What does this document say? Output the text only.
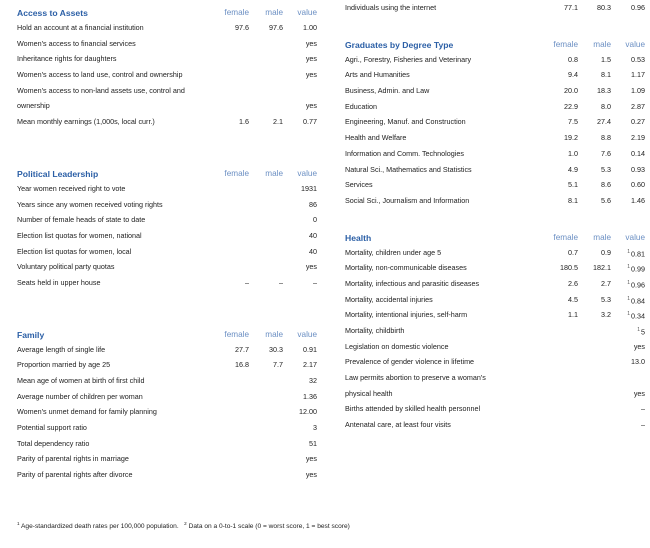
Access to Assets	female	male	value
Hold an account at a financial institution	97.6	97.6	1.00
Women's access to financial services	yes
Inheritance rights for daughters	yes
Women's access to land use, control and ownership	yes
Women's access to non-land assets use, control and
ownership	yes
Mean monthly earnings (1,000s, local curr.)	1.6	2.1	0.77
Political Leadership	female	male	value
Year women received right to vote	1931
Years since any women received voting rights	86
Number of female heads of state to date	0
Election list quotas for women, national	40
Election list quotas for women, local	40
Voluntary political party quotas	yes
Seats held in upper house	–	–	–
Family	female	male	value
Average length of single life	27.7	30.3	0.91
Proportion married by age 25	16.8	7.7	2.17
Mean age of women at birth of first child	32
Average number of children per woman	1.36
Women's unmet demand for family planning	12.00
Potential support ratio	3
Total dependency ratio	51
Parity of parental rights in marriage	yes
Parity of parental rights after divorce	yes
Individuals using the internet	77.1	80.3	0.96
Graduates by Degree Type	female	male	value
Agri., Forestry, Fisheries and Veterinary	0.8	1.5	0.53
Arts and Humanities	9.4	8.1	1.17
Business, Admin. and Law	20.0	18.3	1.09
Education	22.9	8.0	2.87
Engineering, Manuf. and Construction	7.5	27.4	0.27
Health and Welfare	19.2	8.8	2.19
Information and Comm. Technologies	1.0	7.6	0.14
Natural Sci., Mathematics and Statistics	4.9	5.3	0.93
Services	5.1	8.6	0.60
Social Sci., Journalism and Information	8.1	5.6	1.46
Health	female	male	value
Mortality, children under age 5	0.7	0.9	$^1$0.81
Mortality, non-communicable diseases	180.5	182.1	$^1$0.99
Mortality, infectious and parasitic diseases	2.6	2.7	$^1$0.96
Mortality, accidental injuries	4.5	5.3	$^1$0.84
Mortality, intentional injuries, self-harm	1.1	3.2	$^1$0.34
Mortality, childbirth	$^1$5
Legislation on domestic violence	yes
Prevalence of gender violence in lifetime	13.0
Law permits abortion to preserve a woman's
physical health	yes
Births attended by skilled health personnel	–
Antenatal care, at least four visits	–
$^1$ Age-standardized death rates per 100,000 population. $^2$ Data on a 0-to-1 scale (0 = worst score, 1 = best score)
